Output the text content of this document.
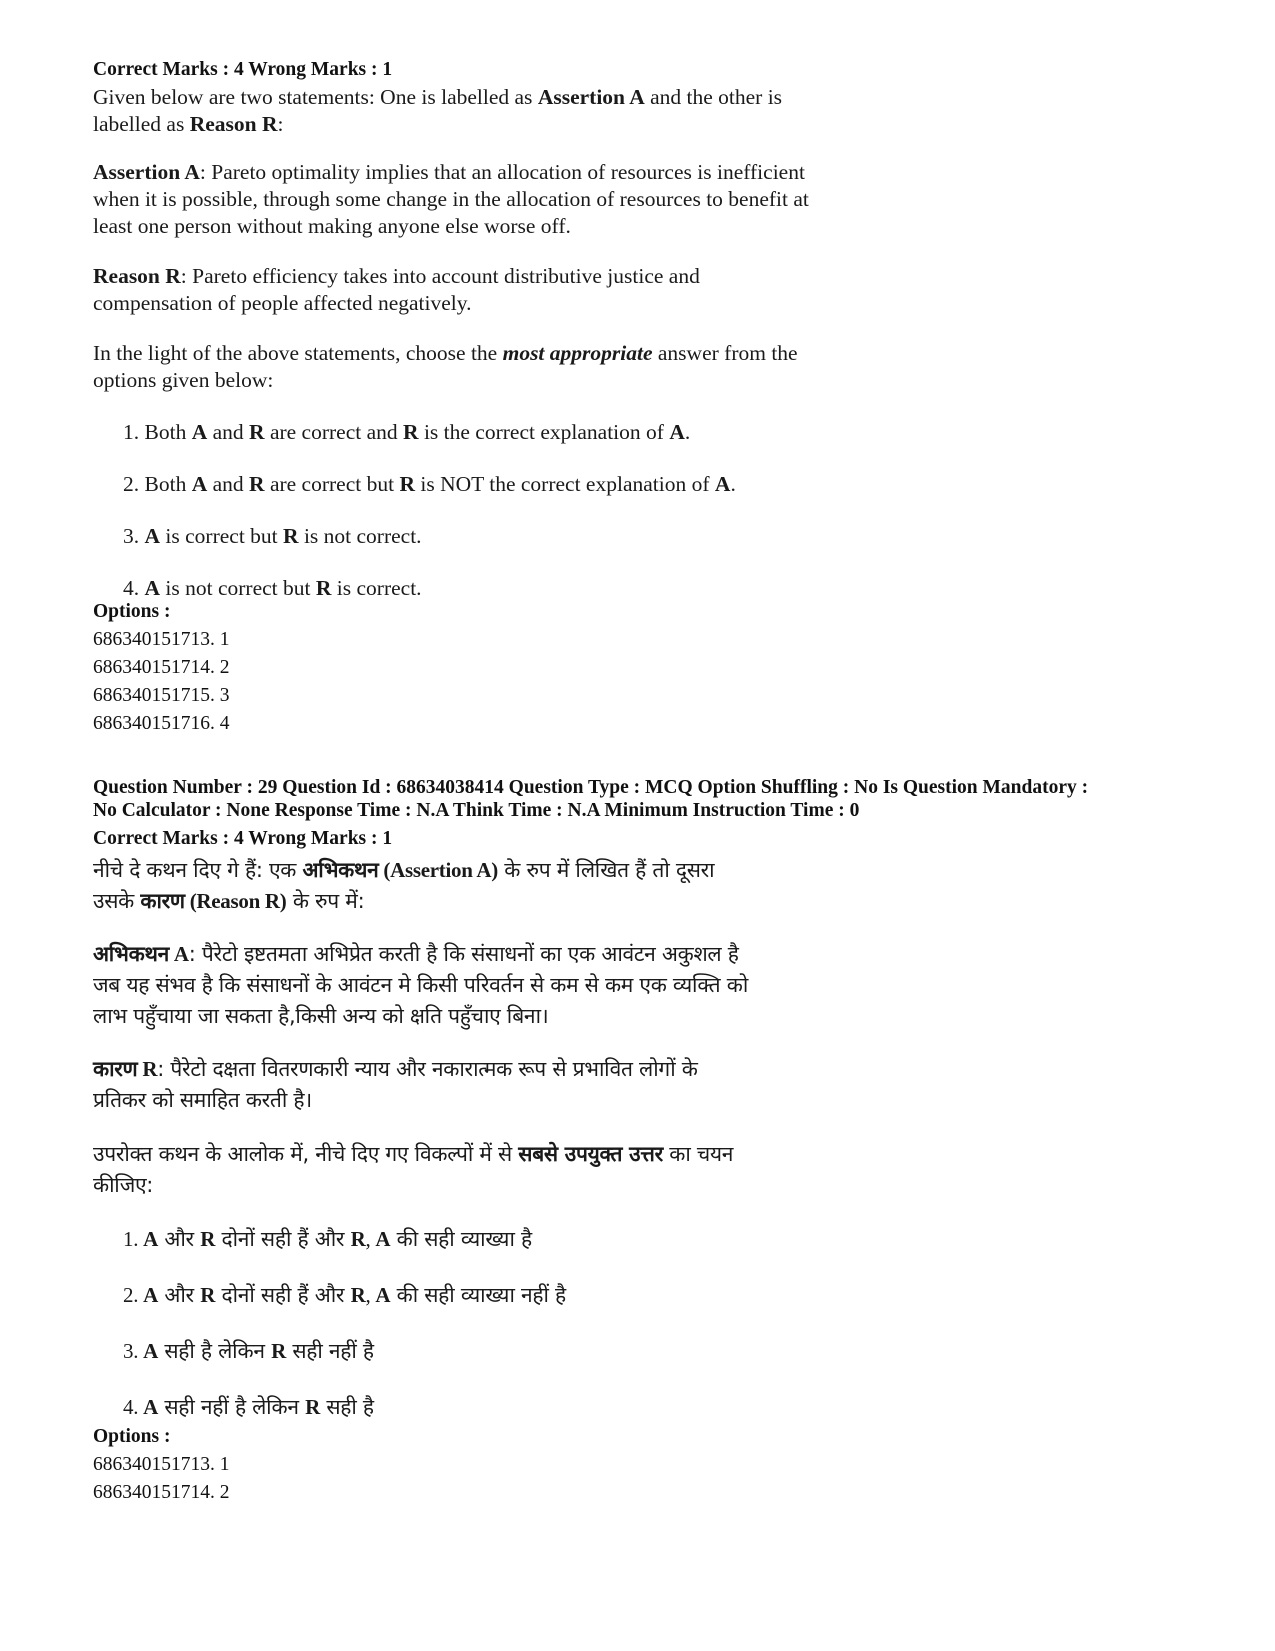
Correct Marks : 4 Wrong Marks : 1
Given below are two statements: One is labelled as Assertion A and the other is
labelled as Reason R:
Assertion A: Pareto optimality implies that an allocation of resources is inefficient
when it is possible, through some change in the allocation of resources to benefit at
least one person without making anyone else worse off.
Reason R: Pareto efficiency takes into account distributive justice and
compensation of people affected negatively.
In the light of the above statements, choose the most appropriate answer from the
options given below:
1. Both A and R are correct and R is the correct explanation of A.
2. Both A and R are correct but R is NOT the correct explanation of A.
3. A is correct but R is not correct.
4. A is not correct but R is correct.
Options :
686340151713. 1
686340151714. 2
686340151715. 3
686340151716. 4
Question Number : 29 Question Id : 68634038414 Question Type : MCQ Option Shuffling : No Is Question Mandatory :
No Calculator : None Response Time : N.A Think Time : N.A Minimum Instruction Time : 0
Correct Marks : 4 Wrong Marks : 1
नीचे दे कथन दिए गे हैं: एक अभिकथन (Assertion A) के रुप में लिखित हैं तो दूसरा
उसके कारण (Reason R) के रुप में:
अभिकथन A: पैरेटो इष्टतमता अभिप्रेत करती है कि संसाधनों का एक आवंटन अकुशल है
जब यह संभव है कि संसाधनों के आवंटन मे किसी परिवर्तन से कम से कम एक व्यक्ति को
लाभ पहुँचाया जा सकता है,किसी अन्य को क्षति पहुँचाए बिना।
कारण R: पैरेटो दक्षता वितरणकारी न्याय और नकारात्मक रूप से प्रभावित लोगों के
प्रतिकर को समाहित करती है।
उपरोक्त कथन के आलोक में, नीचे दिए गए विकल्पों में से सबसे उपयुक्त उत्तर का चयन
कीजिए:
1. A और R दोनों सही हैं और R, A की सही व्याख्या है
2. A और R दोनों सही हैं और R, A की सही व्याख्या नहीं है
3. A सही है लेकिन R सही नहीं है
4. A सही नहीं है लेकिन R सही है
Options :
686340151713. 1
686340151714. 2
